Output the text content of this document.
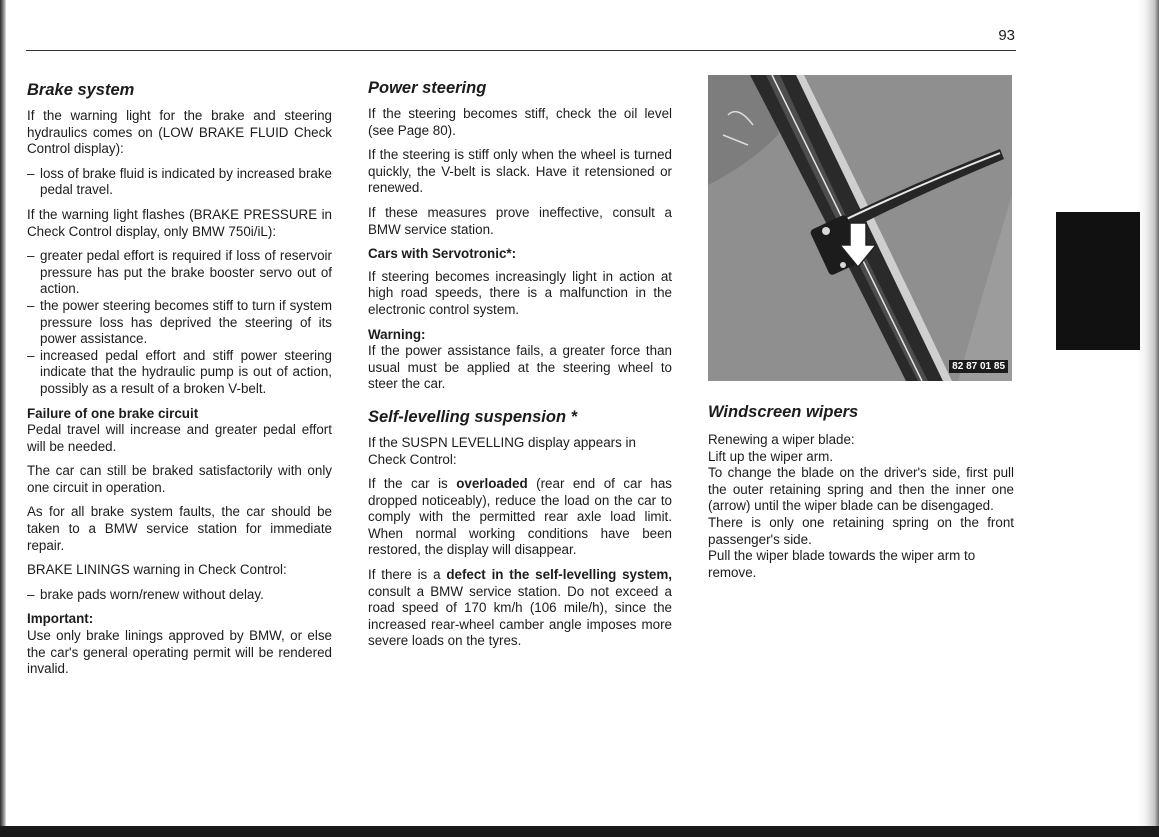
93
Brake system

If the warning light for the brake and steering hydraulics comes on (LOW BRAKE FLUID Check Control display):

– loss of brake fluid is indicated by increased brake pedal travel.

If the warning light flashes (BRAKE PRESSURE in Check Control display, only BMW 750i/iL):

– greater pedal effort is required if loss of reservoir pressure has put the brake booster servo out of action.
– the power steering becomes stiff to turn if system pressure loss has deprived the steering of its power assistance.
– increased pedal effort and stiff power steering indicate that the hydraulic pump is out of action, possibly as a result of a broken V-belt.
Failure of one brake circuit

Pedal travel will increase and greater pedal effort will be needed.

The car can still be braked satisfactorily with only one circuit in operation.

As for all brake system faults, the car should be taken to a BMW service station for immediate repair.

BRAKE LININGS warning in Check Control:

– brake pads worn/renew without delay.
Important:

Use only brake linings approved by BMW, or else the car's general operating permit will be rendered invalid.

Power steering

If the steering becomes stiff, check the oil level (see Page 80).

If the steering is stiff only when the wheel is turned quickly, the V-belt is slack. Have it retensioned or renewed.

If these measures prove ineffective, consult a BMW service station.

Cars with Servotronic*:

If steering becomes increasingly light in action at high road speeds, there is a malfunction in the electronic control system.

Warning:

If the power assistance fails, a greater force than usual must be applied at the steering wheel to steer the car.

Self-levelling suspension *

If the SUSPN LEVELLING display appears in Check Control:

If the car is overloaded (rear end of car has dropped noticeably), reduce the load on the car to comply with the permitted rear axle load limit. When normal working conditions have been restored, the display will disappear.

If there is a defect in the self-levelling system, consult a BMW service station. Do not exceed a road speed of 170 km/h (106 mile/h), since the increased rear-wheel camber angle imposes more severe loads on the tyres.

82 87 01 85
Windscreen wipers
Renewing a wiper blade:
Lift up the wiper arm.
To change the blade on the driver's side, first pull the outer retaining spring and then the inner one (arrow) until the wiper blade can be disengaged.
There is only one retaining spring on the front passenger's side.
Pull the wiper blade towards the wiper arm to remove.
